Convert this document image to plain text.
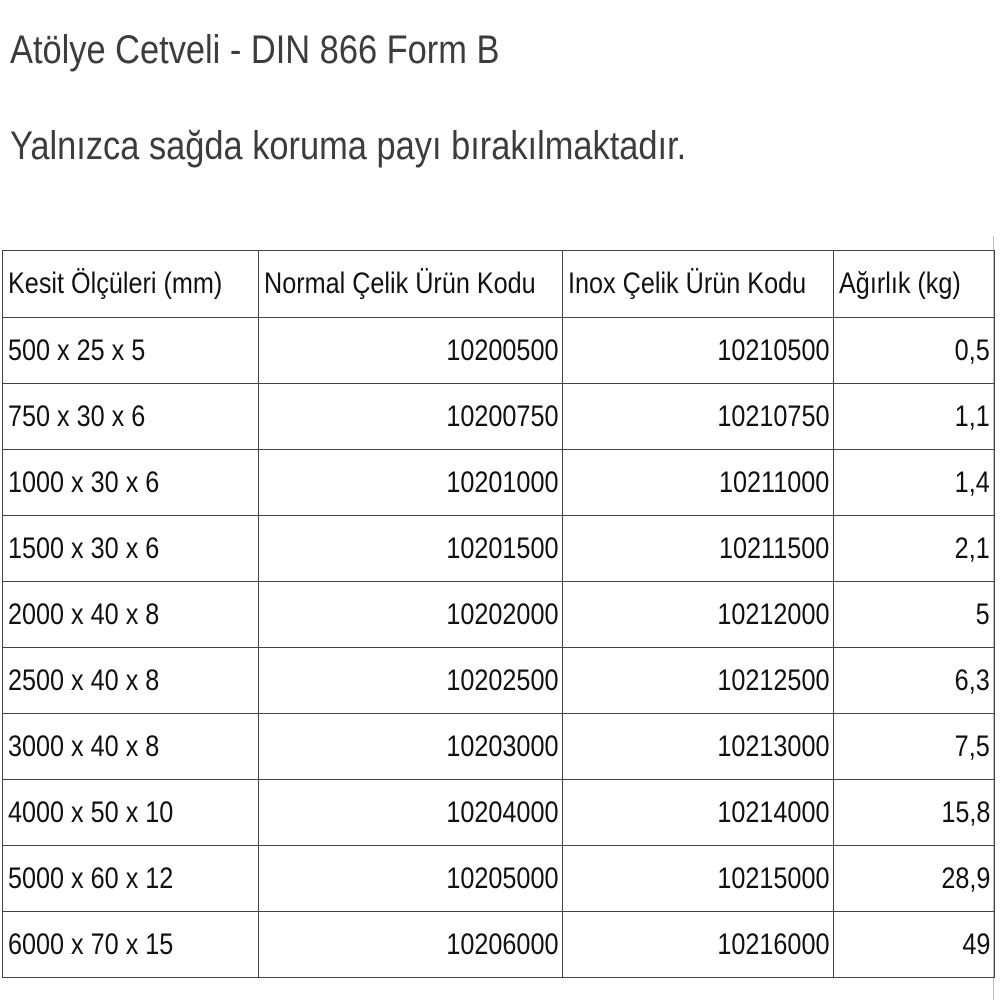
Atölye Cetveli - DIN 866 Form B
Yalnızca sağda koruma payı bırakılmaktadır.
Kesit Ölçüleri (mm)	Normal Çelik Ürün Kodu	Inox Çelik Ürün Kodu	Ağırlık (kg)
500 x 25 x 5	10200500	10210500	0,5
750 x 30 x 6	10200750	10210750	1,1
1000 x 30 x 6	10201000	10211000	1,4
1500 x 30 x 6	10201500	10211500	2,1
2000 x 40 x 8	10202000	10212000	5
2500 x 40 x 8	10202500	10212500	6,3
3000 x 40 x 8	10203000	10213000	7,5
4000 x 50 x 10	10204000	10214000	15,8
5000 x 60 x 12	10205000	10215000	28,9
6000 x 70 x 15	10206000	10216000	49
